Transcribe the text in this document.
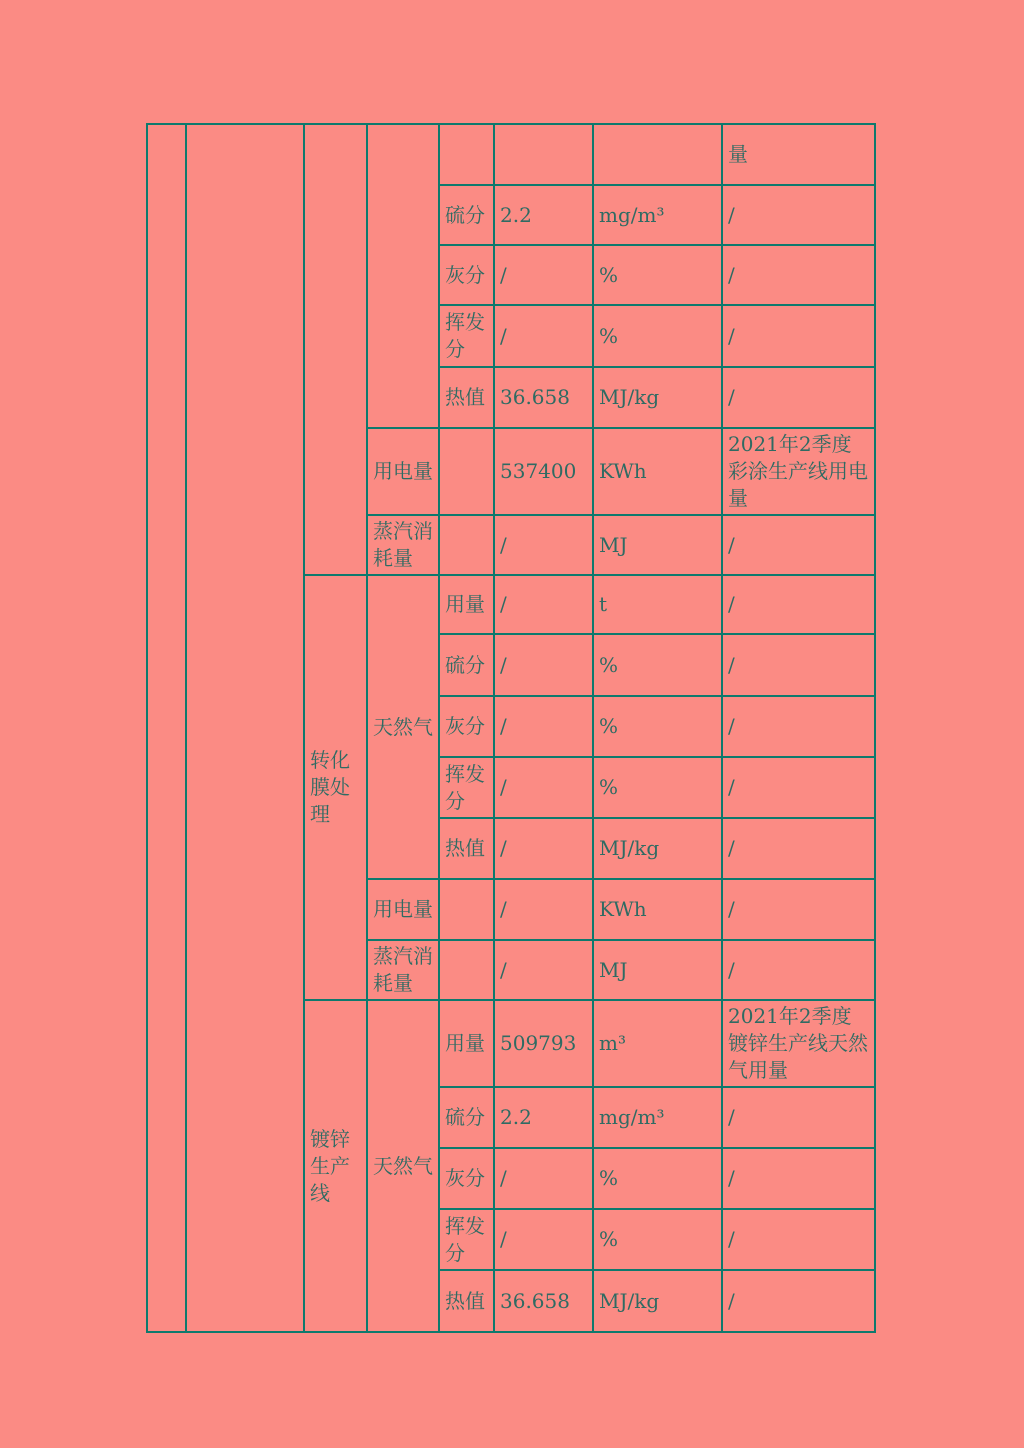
							量
				硫分	2.2	mg/m³	/
				灰分	/	%	/
				挥发分	/	%	/
				热值	36.658	MJ/kg	/
			用电量		537400	KWh	2021年2季度彩涂生产线用电量
			蒸汽消耗量		/	MJ	/
		转化膜处理	天然气	用量	/	t	/
				硫分	/	%	/
				灰分	/	%	/
				挥发分	/	%	/
				热值	/	MJ/kg	/
			用电量		/	KWh	/
			蒸汽消耗量		/	MJ	/
		镀锌生产线	天然气	用量	509793	m³	2021年2季度镀锌生产线天然气用量
				硫分	2.2	mg/m³	/
				灰分	/	%	/
				挥发分	/	%	/
				热值	36.658	MJ/kg	/
